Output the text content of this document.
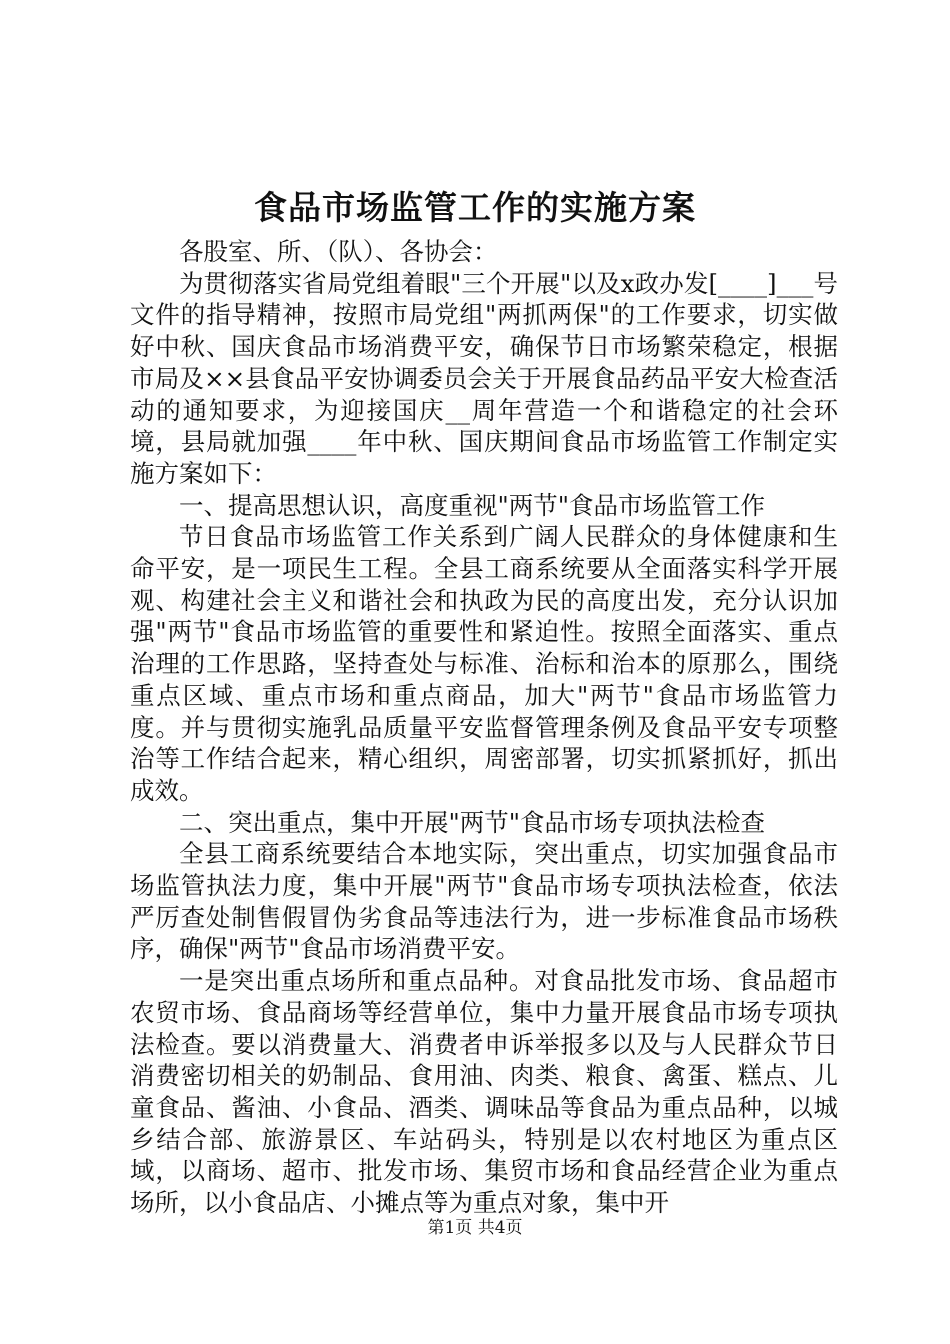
食品市场监管工作的实施方案

各股室、所、（队）、各协会：

为贯彻落实省局党组着眼"三个开展"以及x政办发[____]___号文件的指导精神，按照市局党组"两抓两保"的工作要求，切实做好中秋、国庆食品市场消费平安，确保节日市场繁荣稳定，根据市局及××县食品平安协调委员会关于开展食品药品平安大检查活动的通知要求，为迎接国庆__周年营造一个和谐稳定的社会环境，县局就加强____年中秋、国庆期间食品市场监管工作制定实施方案如下：

一、提高思想认识，高度重视"两节"食品市场监管工作

节日食品市场监管工作关系到广阔人民群众的身体健康和生命平安，是一项民生工程。全县工商系统要从全面落实科学开展观、构建社会主义和谐社会和执政为民的高度出发，充分认识加强"两节"食品市场监管的重要性和紧迫性。按照全面落实、重点治理的工作思路，坚持查处与标准、治标和治本的原那么，围绕重点区域、重点市场和重点商品，加大"两节"食品市场监管力度。并与贯彻实施乳品质量平安监督管理条例及食品平安专项整治等工作结合起来，精心组织，周密部署，切实抓紧抓好，抓出成效。

二、突出重点，集中开展"两节"食品市场专项执法检查

全县工商系统要结合本地实际，突出重点，切实加强食品市场监管执法力度，集中开展"两节"食品市场专项执法检查，依法严厉查处制售假冒伪劣食品等违法行为，进一步标准食品市场秩序，确保"两节"食品市场消费平安。

一是突出重点场所和重点品种。对食品批发市场、食品超市农贸市场、食品商场等经营单位，集中力量开展食品市场专项执法检查。要以消费量大、消费者申诉举报多以及与人民群众节日消费密切相关的奶制品、食用油、肉类、粮食、禽蛋、糕点、儿童食品、酱油、小食品、酒类、调味品等食品为重点品种，以城乡结合部、旅游景区、车站码头，特别是以农村地区为重点区域，以商场、超市、批发市场、集贸市场和食品经营企业为重点场所，以小食品店、小摊点等为重点对象，集中开

第1页 共4页
